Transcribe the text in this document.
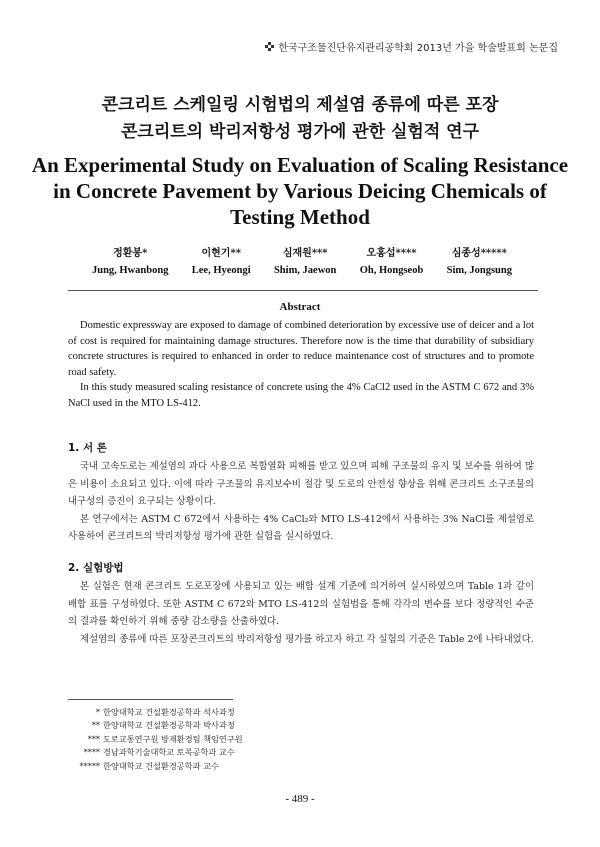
한국구조물진단유지관리공학회 2013년 가을 학술발표회 논문집
콘크리트 스케일링 시험법의 제설염 종류에 따른 포장
콘크리트의 박리저항성 평가에 관한 실험적 연구
An Experimental Study on Evaluation of Scaling Resistance
in Concrete Pavement by Various Deicing Chemicals of
Testing Method
정환봉*
Jung, Hwanbong
이현기**
Lee, Hyeongi
심재원***
Shim, Jaewon
오홍섭****
Oh, Hongseob
심종성*****
Sim, Jongsung
Abstract

Domestic expressway are exposed to damage of combined deterioration by excessive use of deicer and a lot of cost is required for maintaining damage structures. Therefore now is the time that durability of subsidiary concrete structures is required to enhanced in order to reduce maintenance cost of structures and to promote road safety.

In this study measured scaling resistance of concrete using the 4% CaCl2 used in the ASTM C 672 and 3% NaCl used in the MTO LS-412.

1. 서 론

국내 고속도로는 제설염의 과다 사용으로 복합열화 피해를 받고 있으며 피해 구조물의 유지 및 보수를 위하여 많은 비용이 소요되고 있다. 이에 따라 구조물의 유지보수비 절감 및 도로의 안전성 향상을 위해 콘크리트 소구조물의 내구성의 증진이 요구되는 상황이다.

본 연구에서는 ASTM C 672에서 사용하는 4% CaCl₂와 MTO LS-412에서 사용하는 3% NaCl를 제설염로 사용하여 콘크리트의 박리저항성 평가에 관한 실험을 실시하였다.

2. 실험방법

본 실험은 현재 콘크리트 도로포장에 사용되고 있는 배합 설계 기준에 의거하여 실시하였으며 Table 1과 같이 배합 표를 구성하였다. 또한 ASTM C 672와 MTO LS-412의 실험법을 통해 각각의 변수를 보다 정량적인 수준의 결과를 확인하기 위해 중량 감소량을 산출하였다.

제설염의 종류에 따른 포장콘크리트의 박리저항성 평가를 하고자 하고 각 실험의 기준은 Table 2에 나타내었다.

* 한양대학교 건설환경공학과 석사과정
** 한양대학교 건설환경공학과 박사과정
*** 도로교통연구원 방재환경팀 책임연구원
**** 경남과학기술대학교 토목공학과 교수
***** 한양대학교 건설환경공학과 교수
- 489 -
